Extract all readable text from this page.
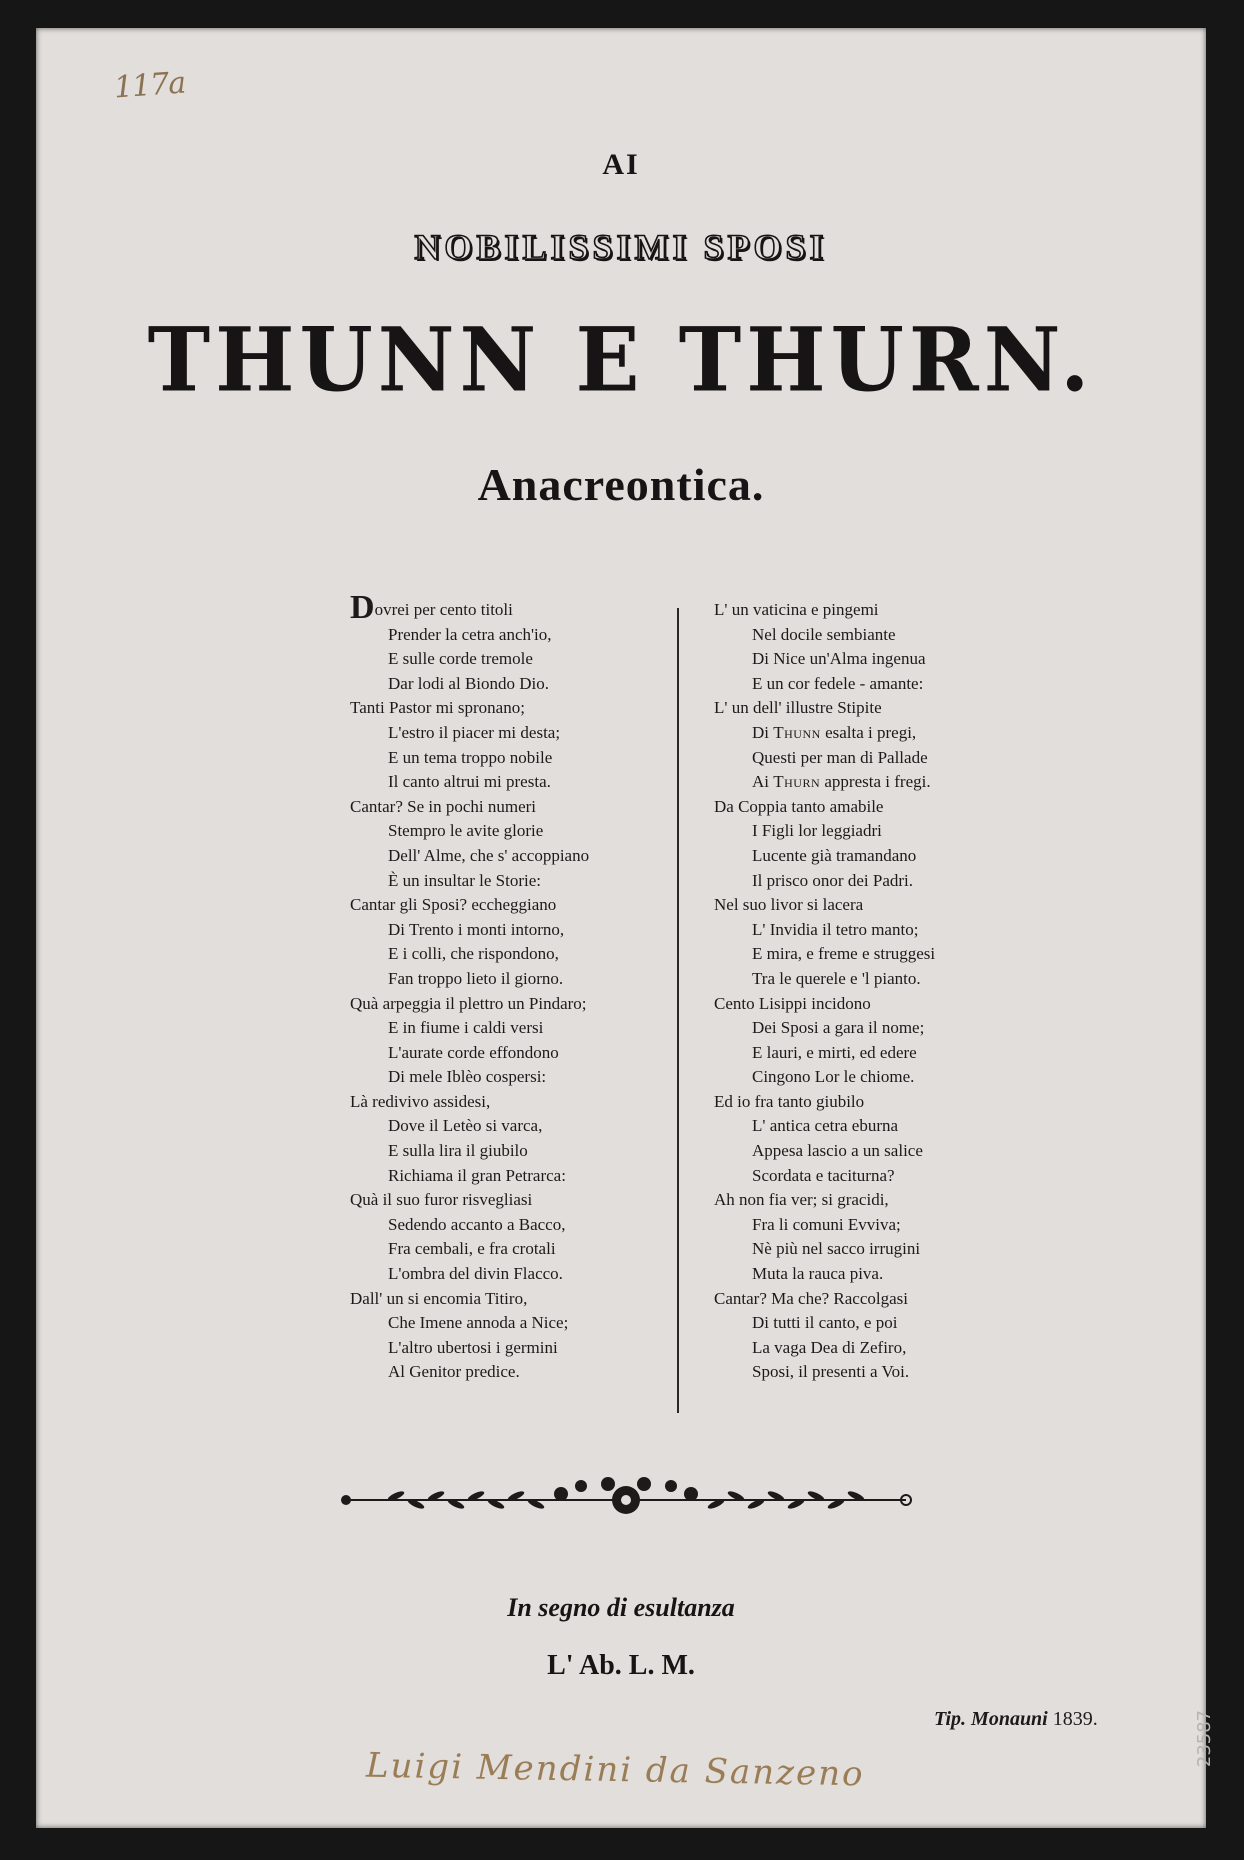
117a
AI
NOBILISSIMI SPOSI
THUNN E THURN.
Anacreontica.
Dovrei per cento titoli
Prender la cetra anch'io,
E sulle corde tremole
Dar lodi al Biondo Dio.
Tanti Pastor mi spronano;
L'estro il piacer mi desta;
E un tema troppo nobile
Il canto altrui mi presta.
Cantar? Se in pochi numeri
Stempro le avite glorie
Dell' Alme, che s' accoppiano
È un insultar le Storie:
Cantar gli Sposi? eccheggiano
Di Trento i monti intorno,
E i colli, che rispondono,
Fan troppo lieto il giorno.
Quà arpeggia il plettro un Pindaro;
E in fiume i caldi versi
L'aurate corde effondono
Di mele Iblèo cospersi:
Là redivivo assidesi,
Dove il Letèo si varca,
E sulla lira il giubilo
Richiama il gran Petrarca:
Quà il suo furor risvegliasi
Sedendo accanto a Bacco,
Fra cembali, e fra crotali
L'ombra del divin Flacco.
Dall' un si encomia Titiro,
Che Imene annoda a Nice;
L'altro ubertosi i germini
Al Genitor predice.
L' un vaticina e pingemi
Nel docile sembiante
Di Nice un'Alma ingenua
E un cor fedele - amante:
L' un dell' illustre Stipite
Di Thunn esalta i pregi,
Questi per man di Pallade
Ai Thurn appresta i fregi.
Da Coppia tanto amabile
I Figli lor leggiadri
Lucente già tramandano
Il prisco onor dei Padri.
Nel suo livor si lacera
L' Invidia il tetro manto;
E mira, e freme e struggesi
Tra le querele e 'l pianto.
Cento Lisippi incidono
Dei Sposi a gara il nome;
E lauri, e mirti, ed edere
Cingono Lor le chiome.
Ed io fra tanto giubilo
L' antica cetra eburna
Appesa lascio a un salice
Scordata e taciturna?
Ah non fia ver; si gracidi,
Fra li comuni Evviva;
Nè più nel sacco irrugini
Muta la rauca piva.
Cantar? Ma che? Raccolgasi
Di tutti il canto, e poi
La vaga Dea di Zefiro,
Sposi, il presenti a Voi.
In segno di esultanza
L' Ab. L. M.
Tip. Monauni 1839.
Luigi Mendini da Sanzeno
23587
